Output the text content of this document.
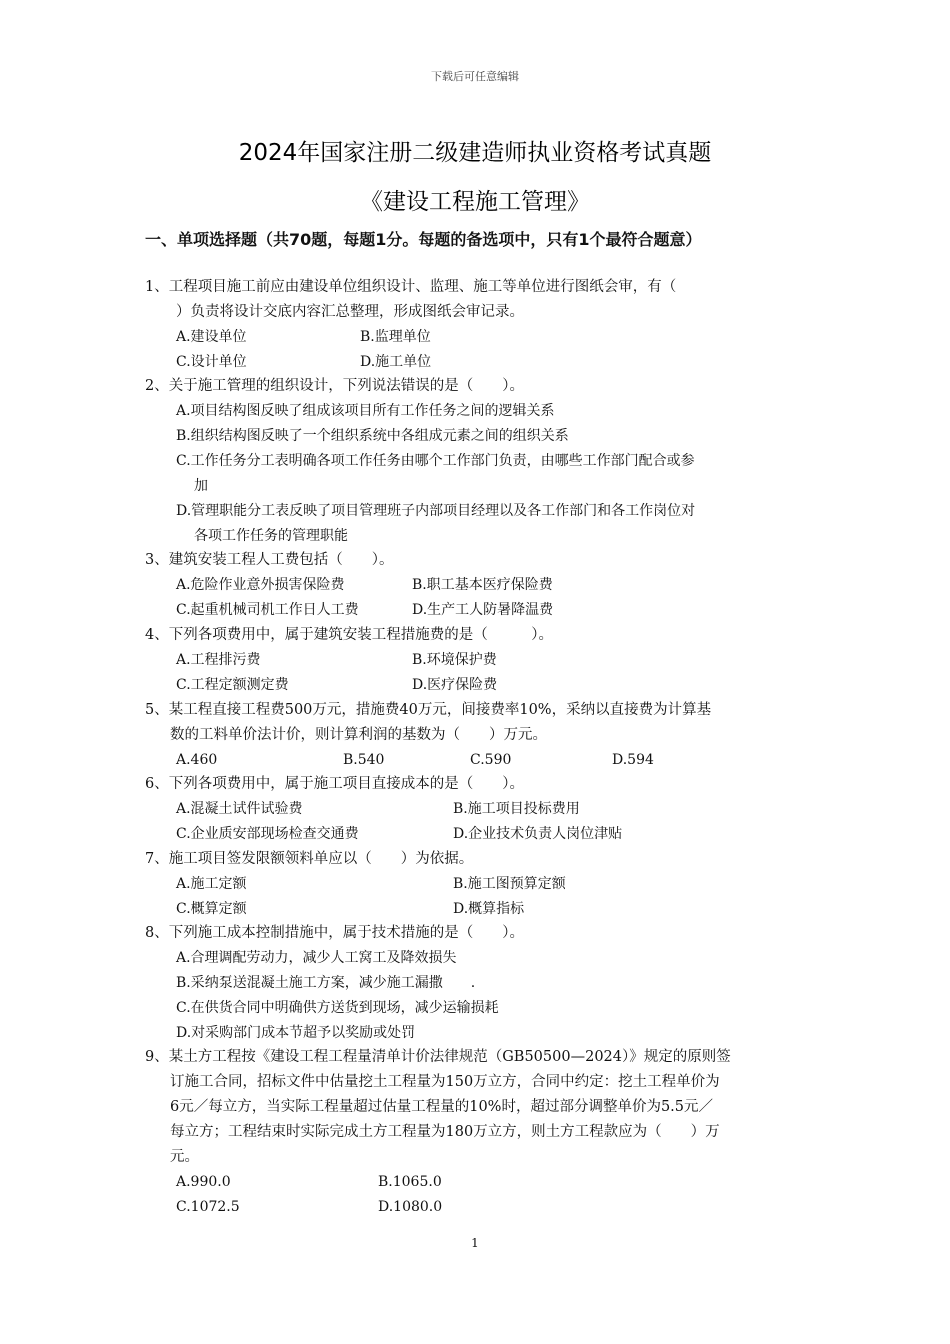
下载后可任意编辑
2024年国家注册二级建造师执业资格考试真题
《建设工程施工管理》
一、单项选择题（共70题，每题1分。每题的备选项中，只有1个最符合题意）
1、工程项目施工前应由建设单位组织设计、监理、施工等单位进行图纸会审，有（
）负责将设计交底内容汇总整理，形成图纸会审记录。
A.建设单位	B.监理单位
C.设计单位	D.施工单位
2、关于施工管理的组织设计，下列说法错误的是（　　）。
A.项目结构图反映了组成该项目所有工作任务之间的逻辑关系
B.组织结构图反映了一个组织系统中各组成元素之间的组织关系
C.工作任务分工表明确各项工作任务由哪个工作部门负责，由哪些工作部门配合或参
加
D.管理职能分工表反映了项目管理班子内部项目经理以及各工作部门和各工作岗位对
各项工作任务的管理职能
3、建筑安装工程人工费包括（　　）。
A.危险作业意外损害保险费	B.职工基本医疗保险费
C.起重机械司机工作日人工费	D.生产工人防暑降温费
4、下列各项费用中，属于建筑安装工程措施费的是（　　　）。
A.工程排污费	B.环境保护费
C.工程定额测定费	D.医疗保险费
5、某工程直接工程费500万元，措施费40万元，间接费率10%，采纳以直接费为计算基
数的工料单价法计价，则计算利润的基数为（　　）万元。
A.460	B.540	C.590	D.594
6、下列各项费用中，属于施工项目直接成本的是（　　）。
A.混凝土试件试验费	B.施工项目投标费用
C.企业质安部现场检查交通费	D.企业技术负责人岗位津贴
7、施工项目签发限额领料单应以（　　）为依据。
A.施工定额	B.施工图预算定额
C.概算定额	D.概算指标
8、下列施工成本控制措施中，属于技术措施的是（　　）。
A.合理调配劳动力，减少人工窝工及降效损失
B.采纳泵送混凝土施工方案，减少施工漏撒　　.
C.在供货合同中明确供方送货到现场，减少运输损耗
D.对采购部门成本节超予以奖励或处罚
9、某土方工程按《建设工程工程量清单计价法律规范（GB50500—2024）》规定的原则签
订施工合同，招标文件中估量挖土工程量为150万立方，合同中约定：挖土工程单价为
6元／每立方，当实际工程量超过估量工程量的10%时，超过部分调整单价为5.5元／
每立方；工程结束时实际完成土方工程量为180万立方，则土方工程款应为（　　）万
元。
A.990.0	B.1065.0
C.1072.5	D.1080.0
1
